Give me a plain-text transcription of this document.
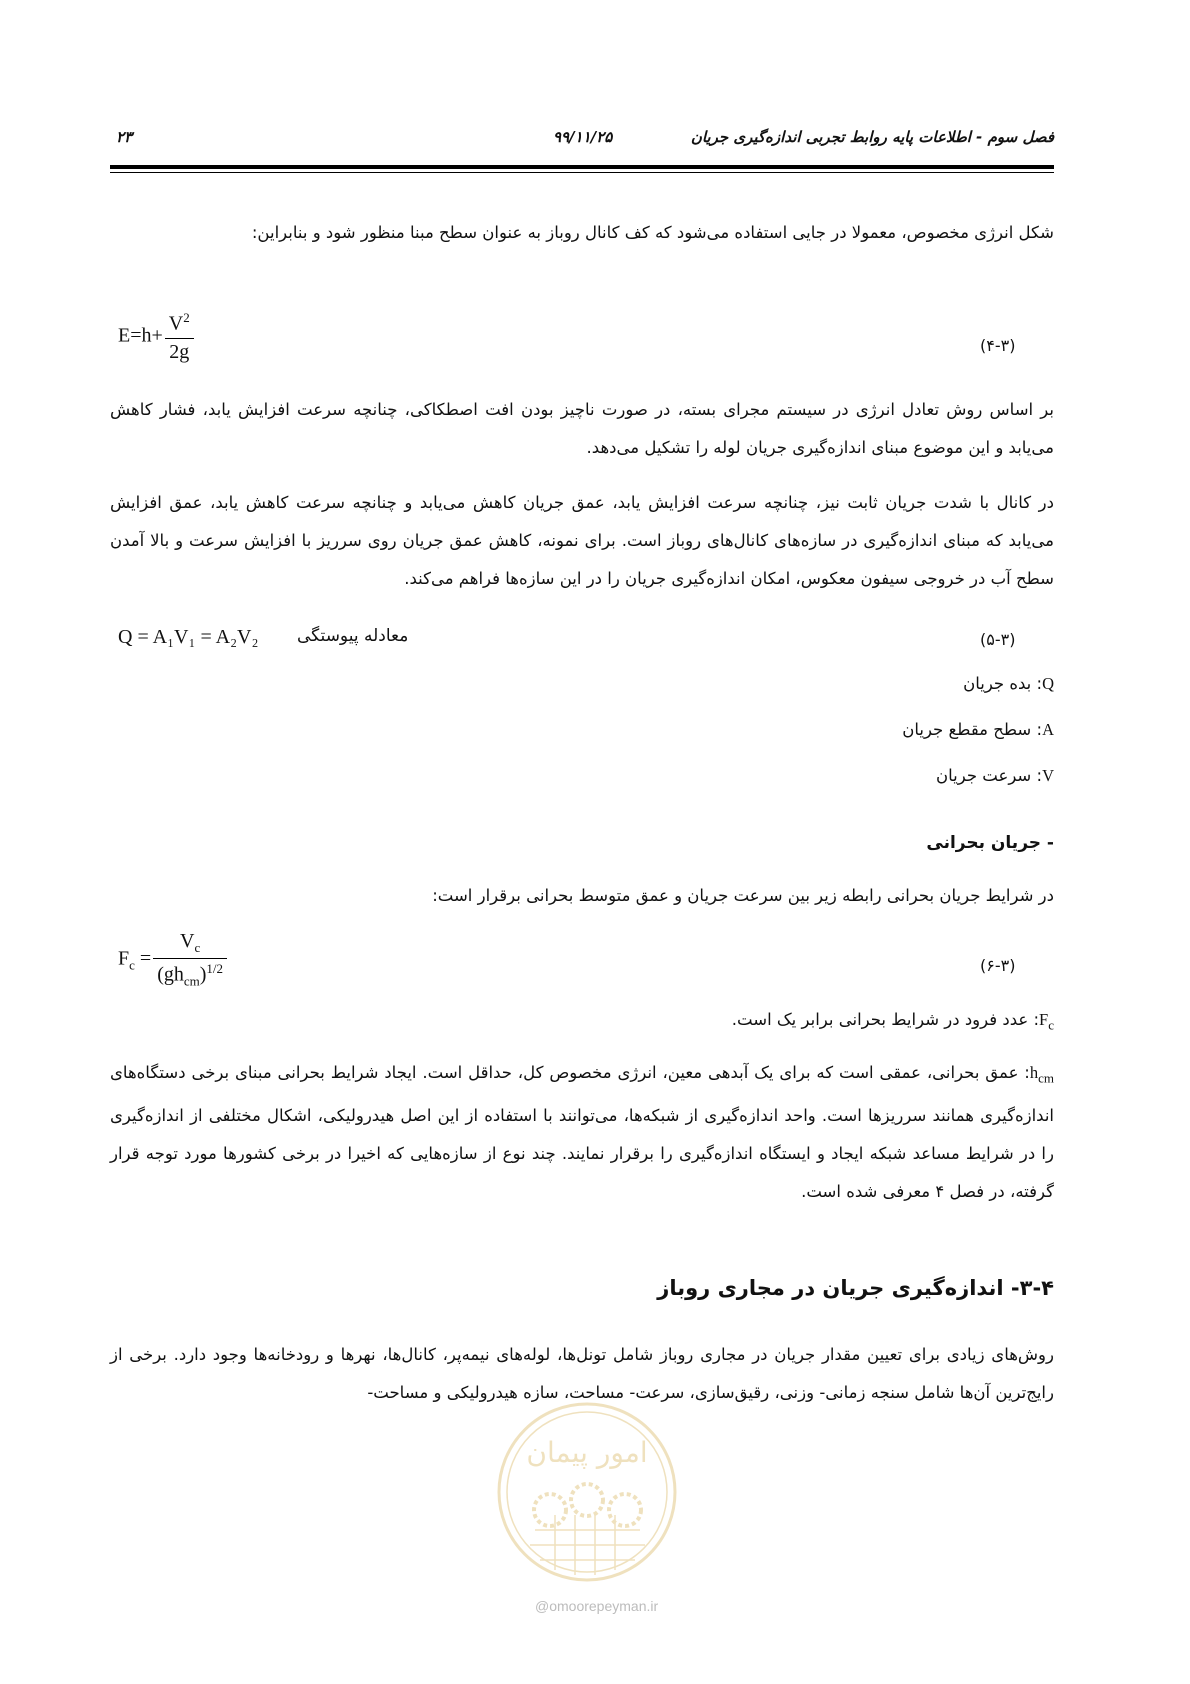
فصل سوم - اطلاعات پایه روابط تجربی اندازه‌گیری جریان
۹۹/۱۱/۲۵
۲۳
شکل انرژی مخصوص، معمولا در جایی استفاده می‌شود که کف کانال روباز به عنوان سطح مبنا منظور شود و بنابراین:
$E=h+ \frac{V^2}{2g}$	(۴-۳)
بر اساس روش تعادل انرژی در سیستم مجرای بسته، در صورت ناچیز بودن افت اصطکاکی، چنانچه سرعت افزایش یابد، فشار کاهش می‌یابد و این موضوع مبنای اندازه‌گیری جریان لوله را تشکیل می‌دهد.
در کانال با شدت جریان ثابت نیز، چنانچه سرعت افزایش یابد، عمق جریان کاهش می‌یابد و چنانچه سرعت کاهش یابد، عمق افزایش می‌یابد که مبنای اندازه‌گیری در سازه‌های کانال‌های روباز است. برای نمونه، کاهش عمق جریان روی سرریز با افزایش سرعت و بالا آمدن سطح آب در خروجی سیفون معکوس، امکان اندازه‌گیری جریان را در این سازه‌ها فراهم می‌کند.
Q = A₁V₁ = A₂V₂ معادله پیوستگی	(۵-۳)
Q: بده جریان
A: سطح مقطع جریان
V: سرعت جریان
- جریان بحرانی
در شرایط جریان بحرانی رابطه زیر بین سرعت جریان و عمق متوسط بحرانی برقرار است:
$F_c = \frac{V_c}{(gh_{cm})^{1/2}}$	(۶-۳)
$F_c$: عدد فرود در شرایط بحرانی برابر یک است.
$h_{cm}$: عمق بحرانی، عمقی است که برای یک آبدهی معین، انرژی مخصوص کل، حداقل است. ایجاد شرایط بحرانی مبنای برخی دستگاه‌های اندازه‌گیری همانند سرریزها است. واحد اندازه‌گیری از شبکه‌ها، می‌توانند با استفاده از این اصل هیدرولیکی، اشکال مختلفی از اندازه‌گیری را در شرایط مساعد شبکه ایجاد و ایستگاه اندازه‌گیری را برقرار نمایند. چند نوع از سازه‌هایی که اخیرا در برخی کشورها مورد توجه قرار گرفته، در فصل ۴ معرفی شده است.
۳-۴- اندازه‌گیری جریان در مجاری روباز
روش‌های زیادی برای تعیین مقدار جریان در مجاری روباز شامل تونل‌ها، لوله‌های نیمه‌پر، کانال‌ها، نهرها و رودخانه‌ها وجود دارد. برخی از رایج‌ترین آن‌ها شامل سنجه زمانی- وزنی، رقیق‌سازی، سرعت- مساحت، سازه هیدرولیکی و مساحت-
امور پیمان
@omoorepeyman.ir
